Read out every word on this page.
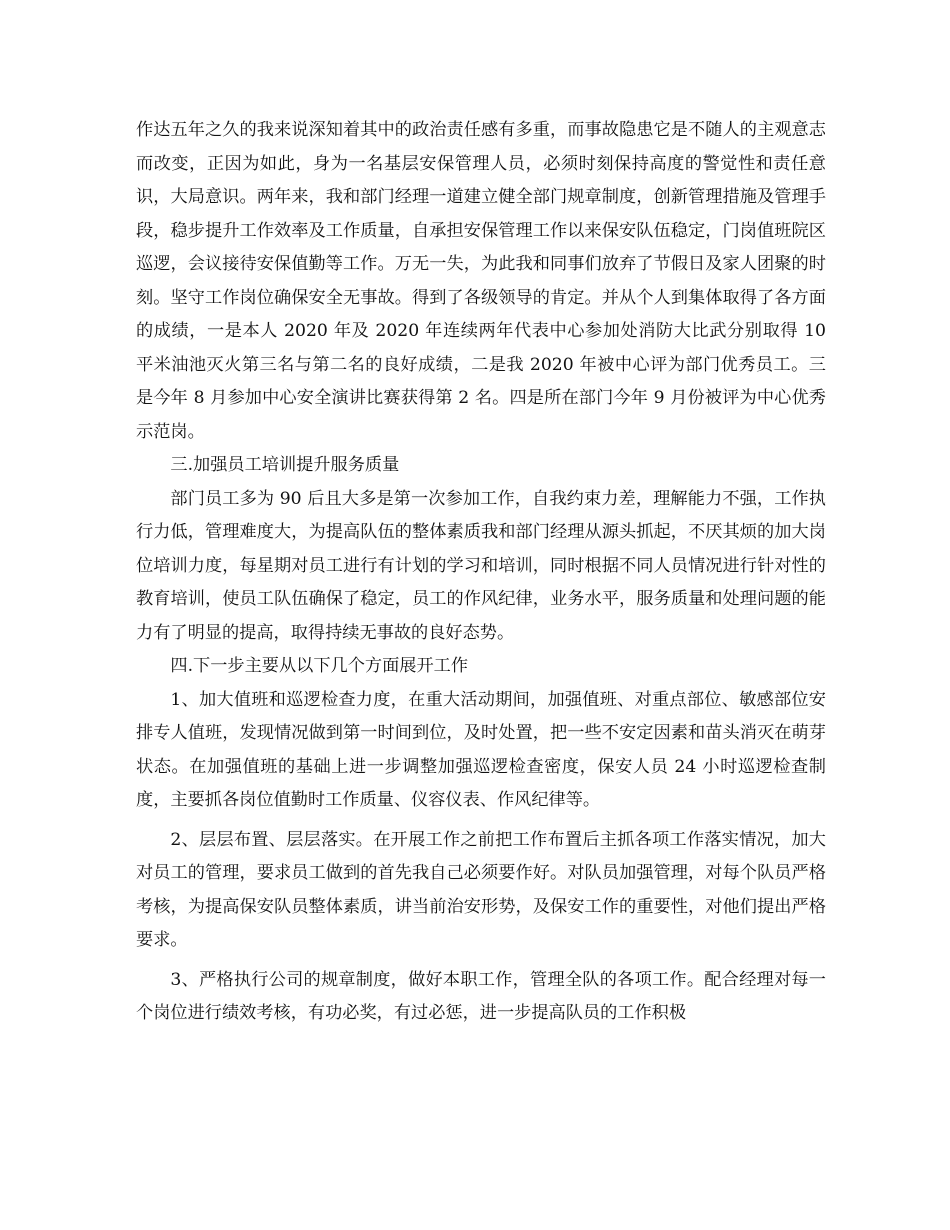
作达五年之久的我来说深知着其中的政治责任感有多重，而事故隐患它是不随人的主观意志而改变，正因为如此，身为一名基层安保管理人员，必须时刻保持高度的警觉性和责任意识，大局意识。两年来，我和部门经理一道建立健全部门规章制度，创新管理措施及管理手段，稳步提升工作效率及工作质量，自承担安保管理工作以来保安队伍稳定，门岗值班院区巡逻，会议接待安保值勤等工作。万无一失，为此我和同事们放弃了节假日及家人团聚的时刻。坚守工作岗位确保安全无事故。得到了各级领导的肯定。并从个人到集体取得了各方面的成绩，一是本人 2020 年及 2020 年连续两年代表中心参加处消防大比武分别取得 10 平米油池灭火第三名与第二名的良好成绩，二是我 2020 年被中心评为部门优秀员工。三是今年 8 月参加中心安全演讲比赛获得第 2 名。四是所在部门今年 9 月份被评为中心优秀示范岗。

三.加强员工培训提升服务质量

部门员工多为 90 后且大多是第一次参加工作，自我约束力差，理解能力不强，工作执行力低，管理难度大，为提高队伍的整体素质我和部门经理从源头抓起，不厌其烦的加大岗位培训力度，每星期对员工进行有计划的学习和培训，同时根据不同人员情况进行针对性的教育培训，使员工队伍确保了稳定，员工的作风纪律，业务水平，服务质量和处理问题的能力有了明显的提高，取得持续无事故的良好态势。

四.下一步主要从以下几个方面展开工作

1、加大值班和巡逻检查力度，在重大活动期间，加强值班、对重点部位、敏感部位安排专人值班，发现情况做到第一时间到位，及时处置，把一些不安定因素和苗头消灭在萌芽状态。在加强值班的基础上进一步调整加强巡逻检查密度，保安人员 24 小时巡逻检查制度，主要抓各岗位值勤时工作质量、仪容仪表、作风纪律等。

2、层层布置、层层落实。在开展工作之前把工作布置后主抓各项工作落实情况，加大对员工的管理，要求员工做到的首先我自己必须要作好。对队员加强管理，对每个队员严格考核，为提高保安队员整体素质，讲当前治安形势，及保安工作的重要性，对他们提出严格要求。

3、严格执行公司的规章制度，做好本职工作，管理全队的各项工作。配合经理对每一个岗位进行绩效考核，有功必奖，有过必惩，进一步提高队员的工作积极
